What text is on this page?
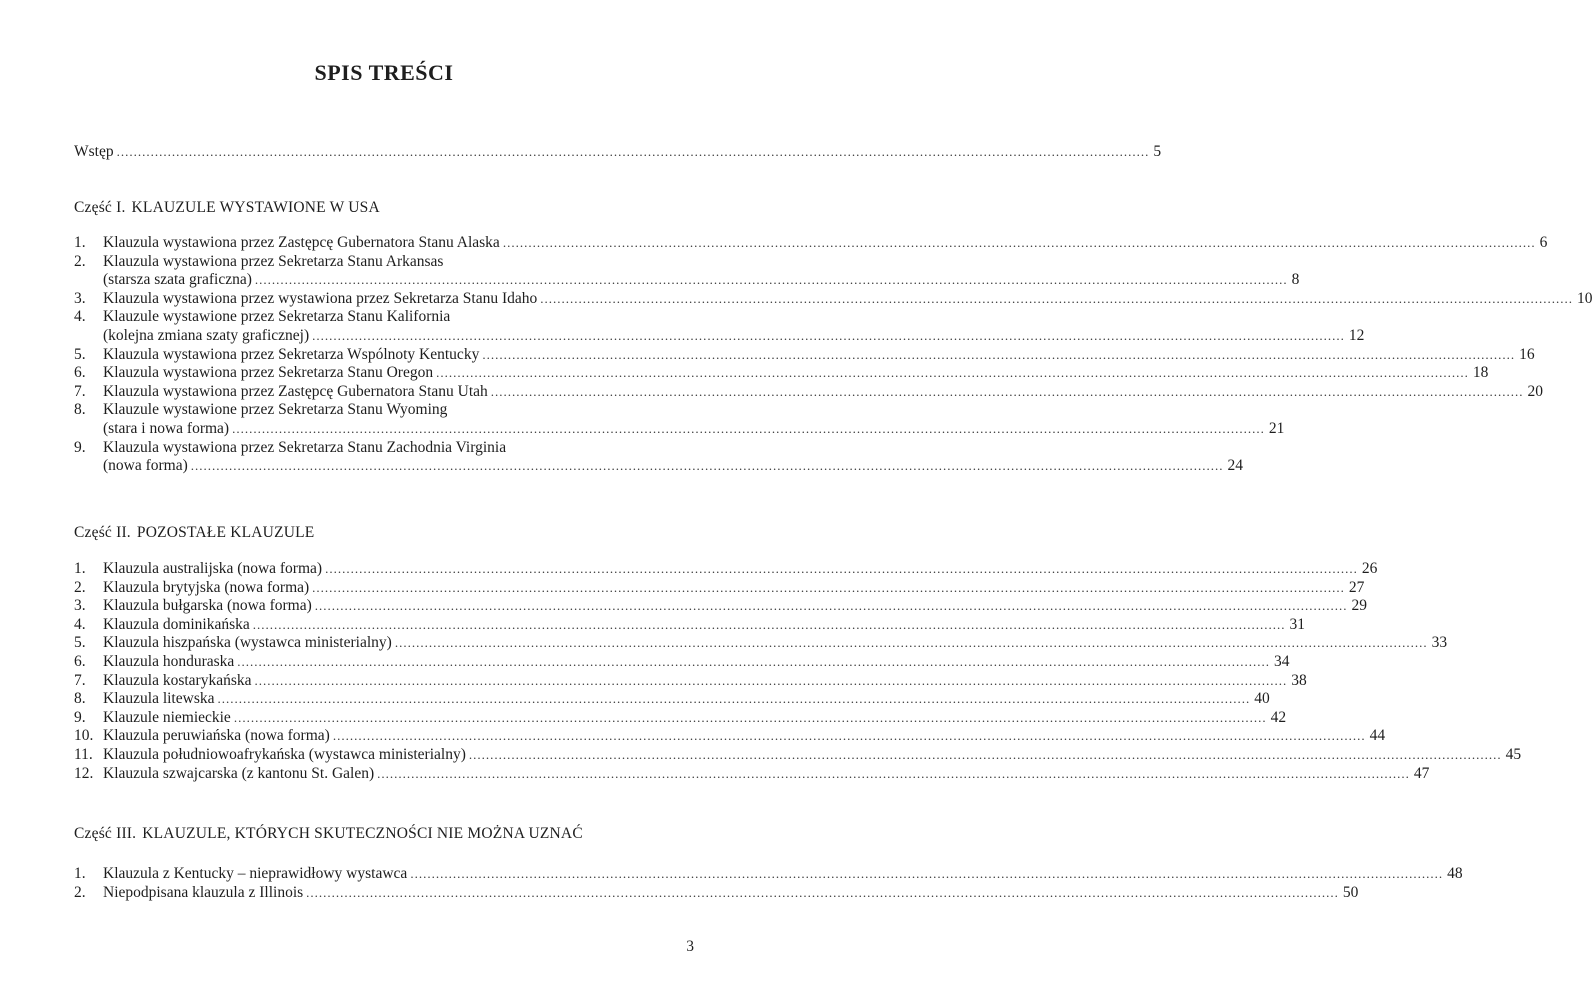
SPIS TREŚCI
Wstęp .....	5
Część I. KLAUZULE WYSTAWIONE W USA
1.	Klauzula wystawiona przez Zastępcę Gubernatora Stanu Alaska .....	6
2.	Klauzula wystawiona przez Sekretarza Stanu Arkansas
(starsza szata graficzna) .....	8
3.	Klauzula wystawiona przez wystawiona przez Sekretarza Stanu Idaho .....	10
4.	Klauzule wystawione przez Sekretarza Stanu Kalifornia
(kolejna zmiana szaty graficznej) .....	12
5.	Klauzula wystawiona przez Sekretarza Wspólnoty Kentucky .....	16
6.	Klauzula wystawiona przez Sekretarza Stanu Oregon .....	18
7.	Klauzula wystawiona przez Zastępcę Gubernatora Stanu Utah .....	20
8.	Klauzule wystawione przez Sekretarza Stanu Wyoming
(stara i nowa forma) .....	21
9.	Klauzula wystawiona przez Sekretarza Stanu Zachodnia Virginia
(nowa forma) .....	24
Część II. POZOSTAŁE KLAUZULE
1.	Klauzula australijska (nowa forma) .....	26
2.	Klauzula brytyjska (nowa forma) .....	27
3.	Klauzula bułgarska (nowa forma) .....	29
4.	Klauzula dominikańska .....	31
5.	Klauzula hiszpańska (wystawca ministerialny) .....	33
6.	Klauzula honduraska .....	34
7.	Klauzula kostarykańska .....	38
8.	Klauzula litewska .....	40
9.	Klauzule niemieckie .....	42
10. Klauzula peruwiańska (nowa forma) .....	44
11. Klauzula południowoafrykańska (wystawca ministerialny) .....	45
12. Klauzula szwajcarska (z kantonu St. Galen) .....	47
Część III. KLAUZULE, KTÓRYCH SKUTECZNOŚCI NIE MOŻNA UZNAĆ
1.	Klauzula z Kentucky – nieprawidłowy wystawca .....	48
2.	Niepodpisana klauzula z Illinois .....	50
3
